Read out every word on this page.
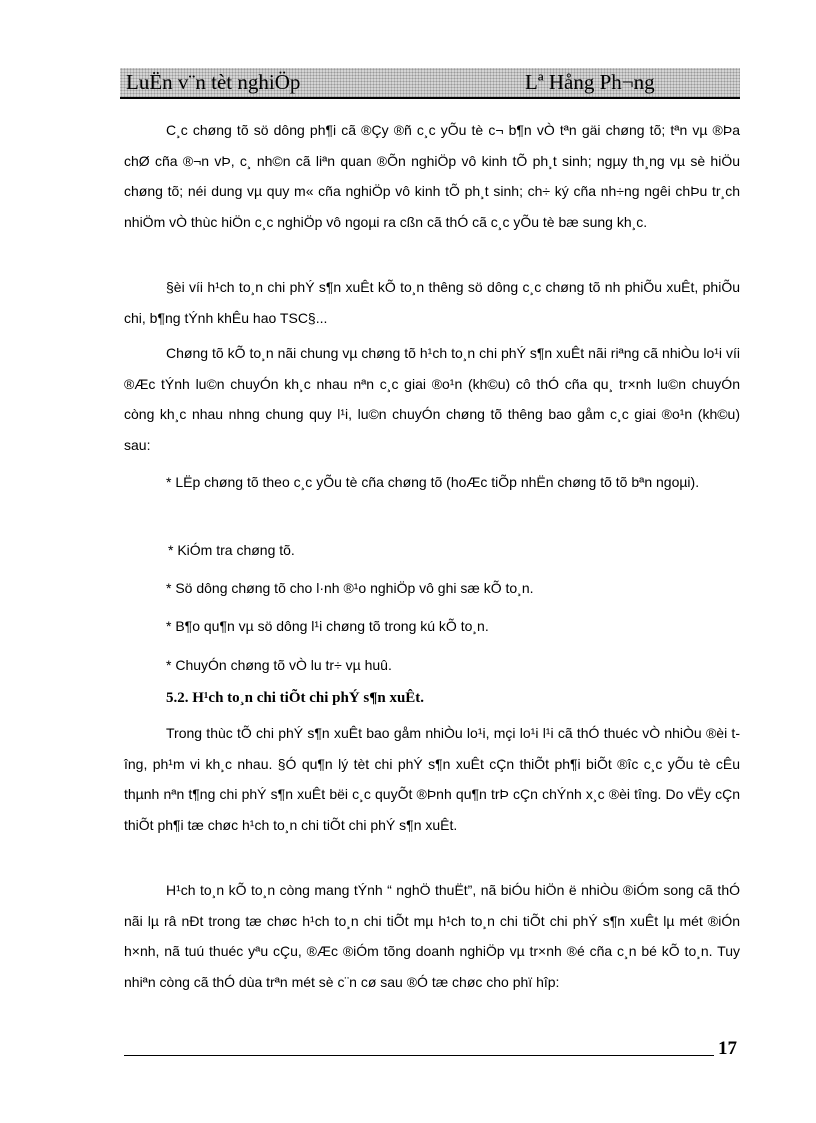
LuËn v¨n tèt nghiÖp	Lª Hång Ph¬ng

C¸c chøng tõ sö dông ph¶i cã ®Çy ®ñ c¸c yÕu tè c¬ b¶n vÒ tªn gäi chøng tõ; tªn vµ ®Þa chØ cña ®¬n vÞ, c¸ nh©n cã liªn quan ®Õn nghiÖp vô kinh tÕ ph¸t sinh; ngµy th¸ng vµ sè hiÖu chøng tõ; néi dung vµ quy m« cña nghiÖp vô kinh tÕ ph¸t sinh; ch÷ ký cña nh÷ng ngêi chÞu tr¸ch nhiÖm vÒ thùc hiÖn c¸c nghiÖp vô ngoµi ra cßn cã thÓ cã c¸c yÕu tè bæ sung kh¸c.

§èi víi h¹ch to¸n chi phÝ s¶n xuÊt kÕ to¸n thêng sö dông c¸c chøng tõ nh phiÕu xuÊt, phiÕu chi, b¶ng tÝnh khÊu hao TSC§...

Chøng tõ kÕ to¸n nãi chung vµ chøng tõ h¹ch to¸n chi phÝ s¶n xuÊt nãi riªng cã nhiÒu lo¹i víi ®Æc tÝnh lu©n chuyÓn kh¸c nhau nªn c¸c giai ®o¹n (kh©u) cô thÓ cña qu¸ tr×nh lu©n chuyÓn còng kh¸c nhau nhng chung quy l¹i, lu©n chuyÓn chøng tõ thêng bao gåm c¸c giai ®o¹n (kh©u) sau:

* LËp chøng tõ theo c¸c yÕu tè cña chøng tõ (hoÆc tiÕp nhËn chøng tõ tõ bªn ngoµi).

* KiÓm tra chøng tõ.

* Sö dông chøng tõ cho l·nh ®¹o nghiÖp vô ghi sæ kÕ to¸n.

* B¶o qu¶n vµ sö dông l¹i chøng tõ trong kú kÕ to¸n.

* ChuyÓn chøng tõ vÒ lu tr÷ vµ huû.

5.2. H¹ch to¸n chi tiÕt chi phÝ s¶n xuÊt.

Trong thùc tÕ chi phÝ s¶n xuÊt bao gåm nhiÒu lo¹i, mçi lo¹i l¹i cã thÓ thuéc vÒ nhiÒu ®èi tîng, ph¹m vi kh¸c nhau. §Ó qu¶n lý tèt chi phÝ s¶n xuÊt cÇn thiÕt ph¶i biÕt ®îc c¸c yÕu tè cÊu thµnh nªn t¶ng chi phÝ s¶n xuÊt bëi c¸c quyÕt ®Þnh qu¶n trÞ cÇn chÝnh x¸c ®èi tîng. Do vËy cÇn thiÕt ph¶i tæ chøc h¹ch to¸n chi tiÕt chi phÝ s¶n xuÊt.

H¹ch to¸n kÕ to¸n còng mang tÝnh “ nghÖ thuËt”, nã biÓu hiÖn ë nhiÒu ®iÓm song cã thÓ nãi lµ râ nÐt trong tæ chøc h¹ch to¸n chi tiÕt mµ h¹ch to¸n chi tiÕt chi phÝ s¶n xuÊt lµ mét ®iÓn h×nh, nã tuú thuéc yªu cÇu, ®Æc ®iÓm tõng doanh nghiÖp vµ tr×nh ®é cña c¸n bé kÕ to¸n. Tuy nhiªn còng cã thÓ dùa trªn mét sè c¨n cø sau ®Ó tæ chøc cho phï hîp:

17
